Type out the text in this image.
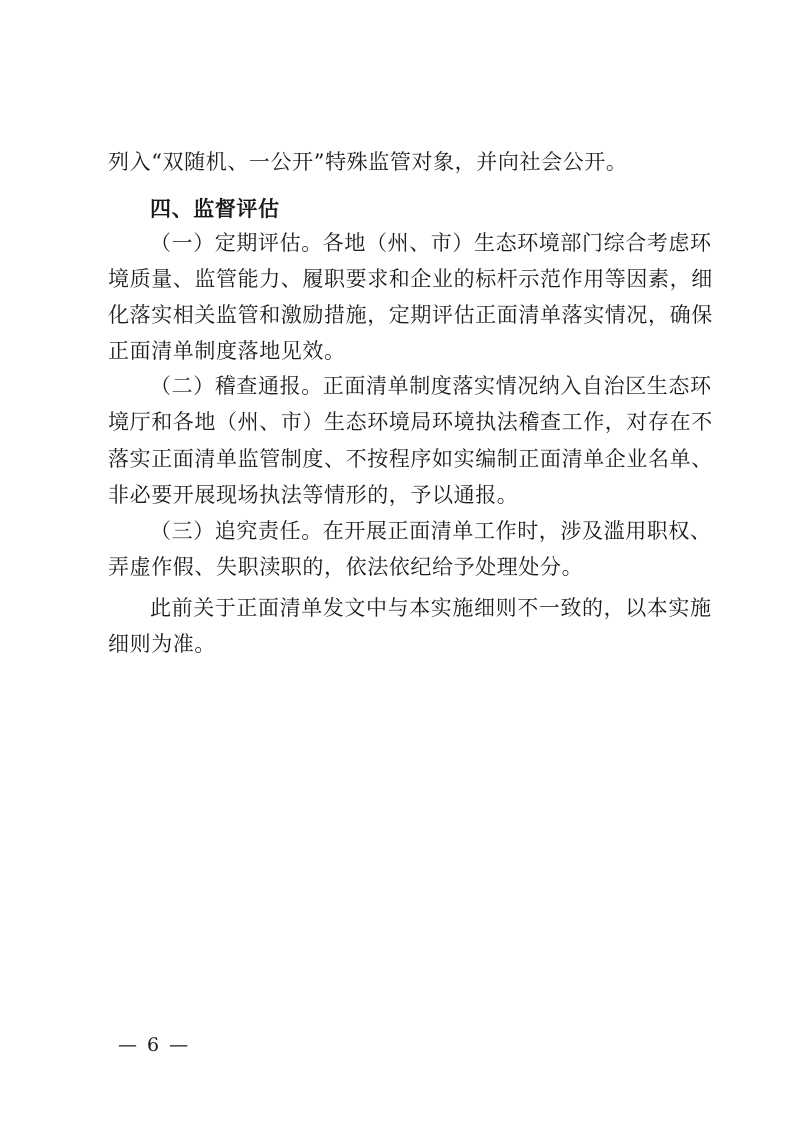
列入“双随机、一公开”特殊监管对象，并向社会公开。
四、监督评估
（一）定期评估。各地（州、市）生态环境部门综合考虑环
境质量、监管能力、履职要求和企业的标杆示范作用等因素，细
化落实相关监管和激励措施，定期评估正面清单落实情况，确保
正面清单制度落地见效。
（二）稽查通报。正面清单制度落实情况纳入自治区生态环
境厅和各地（州、市）生态环境局环境执法稽查工作，对存在不
落实正面清单监管制度、不按程序如实编制正面清单企业名单、
非必要开展现场执法等情形的，予以通报。
（三）追究责任。在开展正面清单工作时，涉及滥用职权、
弄虚作假、失职渎职的，依法依纪给予处理处分。
此前关于正面清单发文中与本实施细则不一致的，以本实施
细则为准。
— 6 —
